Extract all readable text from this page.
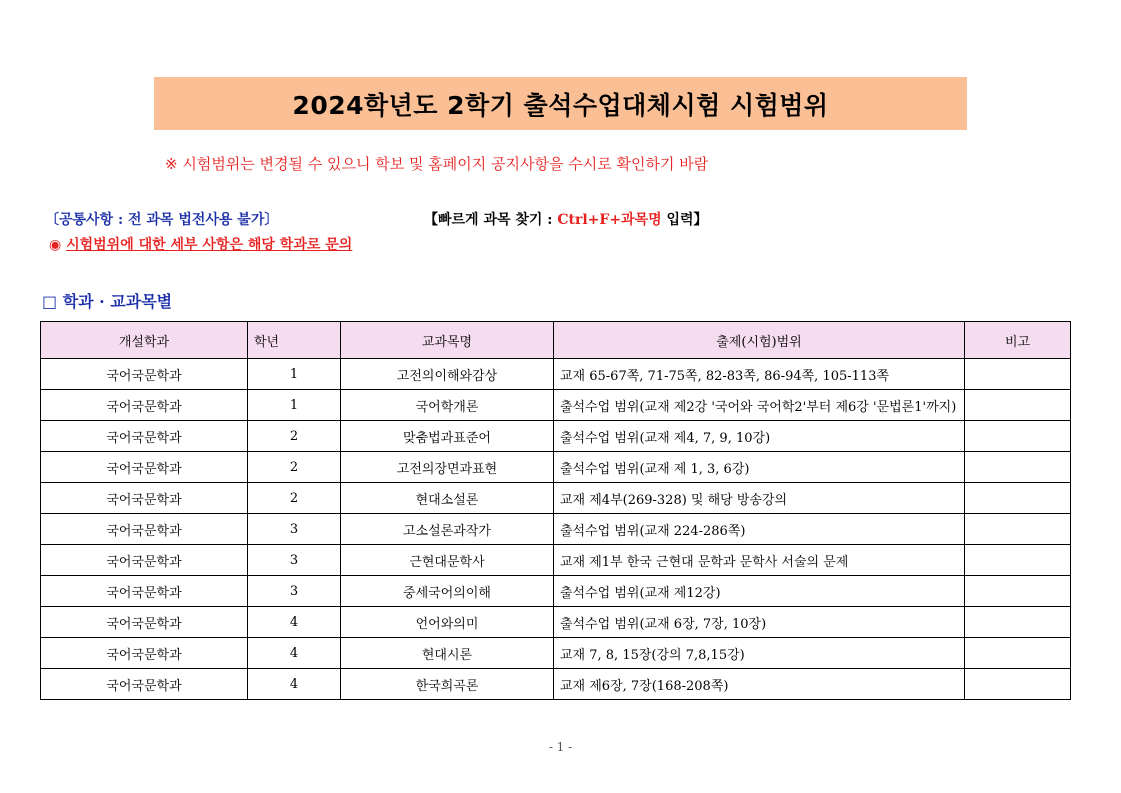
2024학년도 2학기 출석수업대체시험 시험범위
※ 시험범위는 변경될 수 있으니 학보 및 홈페이지 공지사항을 수시로 확인하기 바람
〔공통사항 : 전 과목 법전사용 불가〕	【빠르게 과목 찾기 : Ctrl+F+과목명 입력】
◉ 시험범위에 대한 세부 사항은 해당 학과로 문의
□ 학과 · 교과목별
개설학과	학년	교과목명	출제(시험)범위	비고
국어국문학과	1	고전의이해와감상	교재 65-67쪽, 71-75쪽, 82-83쪽, 86-94쪽, 105-113쪽	
국어국문학과	1	국어학개론	출석수업 범위(교재 제2강 '국어와 국어학2'부터 제6강 '문법론1'까지)	
국어국문학과	2	맞춤법과표준어	출석수업 범위(교재 제4, 7, 9, 10강)	
국어국문학과	2	고전의장면과표현	출석수업 범위(교재 제 1, 3, 6강)	
국어국문학과	2	현대소설론	교재 제4부(269-328) 및 해당 방송강의	
국어국문학과	3	고소설론과작가	출석수업 범위(교재 224-286쪽)	
국어국문학과	3	근현대문학사	교재 제1부 한국 근현대 문학과 문학사 서술의 문제	
국어국문학과	3	중세국어의이해	출석수업 범위(교재 제12강)	
국어국문학과	4	언어와의미	출석수업 범위(교재 6장, 7장, 10장)	
국어국문학과	4	현대시론	교재 7, 8, 15장(강의 7,8,15강)	
국어국문학과	4	한국희곡론	교재 제6장, 7장(168-208쪽)	
- 1 -
